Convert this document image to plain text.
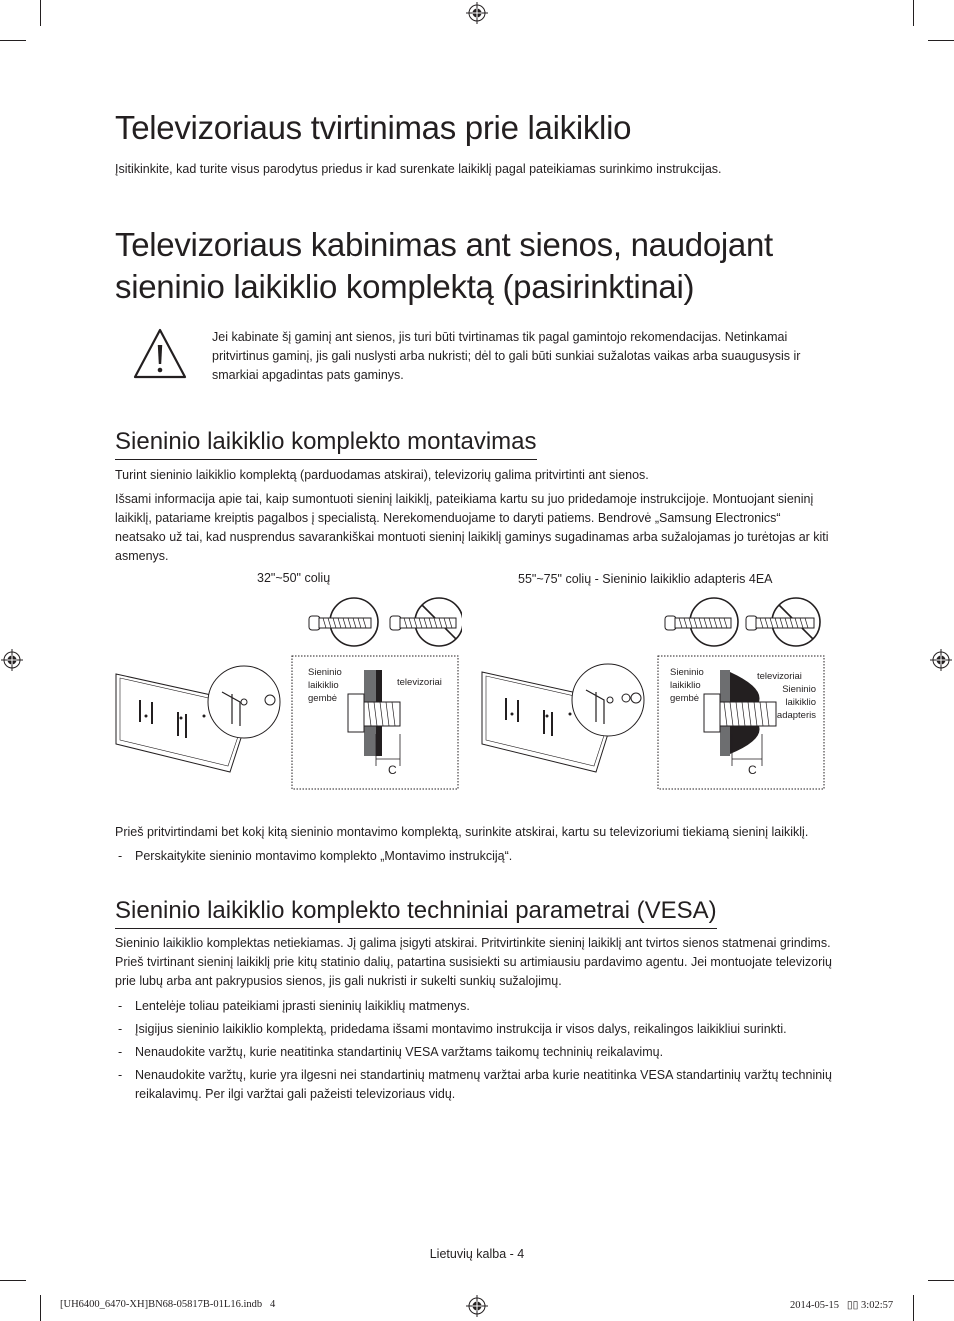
Televizoriaus tvirtinimas prie laikiklio

Įsitikinkite, kad turite visus parodytus priedus ir kad surenkate laikiklį pagal pateikiamas surinkimo instrukcijas.

Televizoriaus kabinimas ant sienos, naudojant
sieninio laikiklio komplektą (pasirinktinai)

Jei kabinate šį gaminį ant sienos, jis turi būti tvirtinamas tik pagal gamintojo rekomendacijas. Netinkamai pritvirtinus gaminį, jis gali nuslysti arba nukristi; dėl to gali būti sunkiai sužalotas vaikas arba suaugusysis ir smarkiai apgadintas pats gaminys.

Sieninio laikiklio komplekto montavimas

Turint sieninio laikiklio komplektą (parduodamas atskirai), televizorių galima pritvirtinti ant sienos.

Išsami informacija apie tai, kaip sumontuoti sieninį laikiklį, pateikiama kartu su juo pridedamoje instrukcijoje. Montuojant sieninį laikiklį, patariame kreiptis pagalbos į specialistą. Nerekomenduojame to daryti patiems. Bendrovė „Samsung Electronics“ neatsako už tai, kad nusprendus savarankiškai montuoti sieninį laikiklį gaminys sugadinamas arba sužalojamas jo turėtojas ar kiti asmenys.

32"~50" colių	55"~75" colių - Sieninio laikiklio adapteris 4EA
Sieninio
laikiklio
gembė
televizoriai
C
Sieninio
laikiklio
gembė
televizoriai
Sieninio
laikiklio
adapteris
C

Prieš pritvirtindami bet kokį kitą sieninio montavimo komplektą, surinkite atskirai, kartu su televizoriumi tiekiamą sieninį laikiklį.

- Perskaitykite sieninio montavimo komplekto „Montavimo instrukciją“.
Sieninio laikiklio komplekto techniniai parametrai (VESA)

Sieninio laikiklio komplektas netiekiamas. Jį galima įsigyti atskirai. Pritvirtinkite sieninį laikiklį ant tvirtos sienos statmenai grindims. Prieš tvirtinant sieninį laikiklį prie kitų statinio dalių, patartina susisiekti su artimiausiu pardavimo agentu. Jei montuojate televizorių prie lubų arba ant pakrypusios sienos, jis gali nukristi ir sukelti sunkių sužalojimų.

- Lentelėje toliau pateikiami įprasti sieninių laikiklių matmenys.
- Įsigijus sieninio laikiklio komplektą, pridedama išsami montavimo instrukcija ir visos dalys, reikalingos laikikliui surinkti.
- Nenaudokite varžtų, kurie neatitinka standartinių VESA varžtams taikomų techninių reikalavimų.
- Nenaudokite varžtų, kurie yra ilgesni nei standartinių matmenų varžtai arba kurie neatitinka VESA standartinių varžtų techninių reikalavimų. Per ilgi varžtai gali pažeisti televizoriaus vidų.
Lietuvių kalba - 4
[UH6400_6470-XH]BN68-05817B-01L16.indb   4	2014-05-15   ▯▯ 3:02:57
